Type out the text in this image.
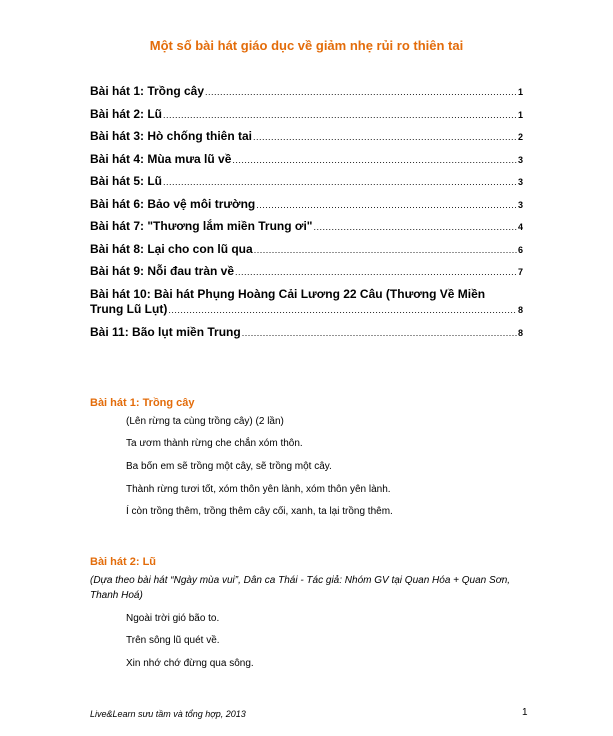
Một số bài hát giáo dục về giảm nhẹ rủi ro thiên tai
Bài hát 1: Trồng cây .....	1
Bài hát 2: Lũ .....	1
Bài hát 3: Hò chống thiên tai .....	2
Bài hát 4: Mùa mưa lũ về .....	3
Bài hát 5: Lũ .....	3
Bài hát 6: Bảo vệ môi trường .....	3
Bài hát 7: "Thương lắm miền Trung ơi" .....	4
Bài hát 8: Lại cho con lũ qua .....	6
Bài hát 9: Nỗi đau tràn về .....	7
Bài hát 10: Bài hát Phụng Hoàng Cải Lương 22 Câu (Thương Về Miền
Trung Lũ Lụt) .....	8
Bài 11: Bão lụt miền Trung .....	8
Bài hát 1: Trồng cây
(Lên rừng ta cùng trồng cây) (2 lần)
Ta ươm thành rừng che chắn xóm thôn.
Ba bốn em sẽ trồng một cây, sẽ trồng một cây.
Thành rừng tươi tốt, xóm thôn yên lành, xóm thôn yên lành.
Í còn trồng thêm, trồng thêm cây cối, xanh, ta lại trồng thêm.
Bài hát 2: Lũ
(Dựa theo bài hát “Ngày mùa vui”, Dân ca Thái - Tác giả: Nhóm GV tại Quan Hóa + Quan Sơn, Thanh Hoá)
Ngoài trời gió bão to.
Trên sông lũ quét về.
Xin nhớ chớ đừng qua sông.
Live&Learn sưu tầm và tổng hợp, 2013	1
